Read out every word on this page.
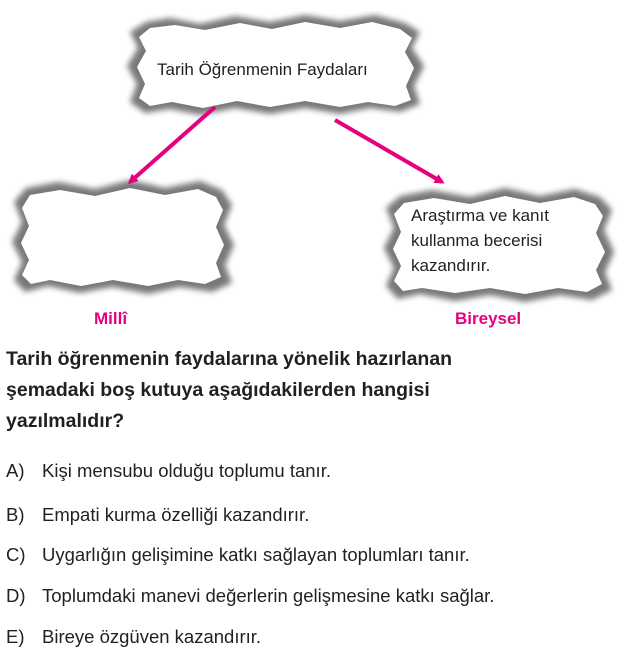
Tarih Öğrenmenin Faydaları
Araştırma ve kanıt
kullanma becerisi
kazandırır.
Millî	Bireysel
Tarih öğrenmenin faydalarına yönelik hazırlanan
şemadaki boş kutuya aşağıdakilerden hangisi
yazılmalıdır?
A) Kişi mensubu olduğu toplumu tanır.
B) Empati kurma özelliği kazandırır.
C) Uygarlığın gelişimine katkı sağlayan toplumları tanır.
D) Toplumdaki manevi değerlerin gelişmesine katkı sağlar.
E) Bireye özgüven kazandırır.
